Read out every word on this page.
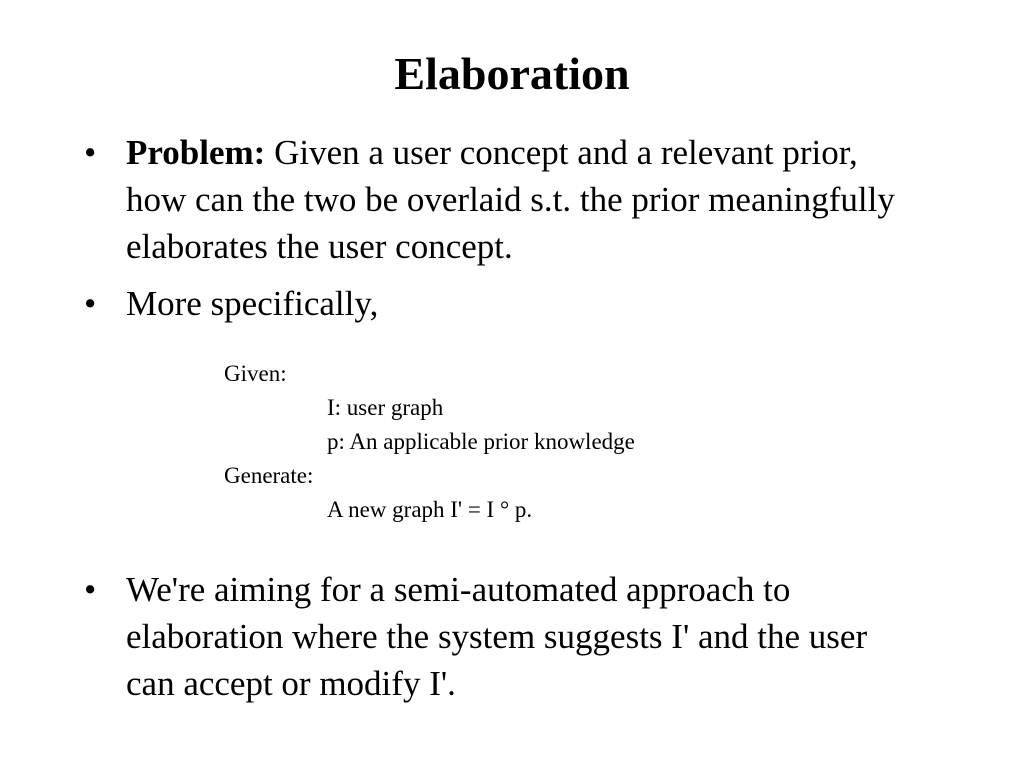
Elaboration
• Problem: Given a user concept and a relevant prior, how can the two be overlaid s.t. the prior meaningfully elaborates the user concept.
• More specifically,
Given:
I: user graph
p: An applicable prior knowledge
Generate:
A new graph I' = I ° p.
• We're aiming for a semi-automated approach to elaboration where the system suggests I' and the user can accept or modify I'.
